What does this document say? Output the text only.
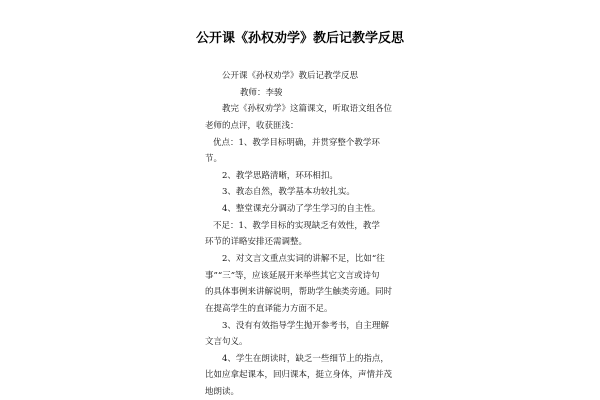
公开课《孙权劝学》教后记教学反思
公开课《孙权劝学》教后记教学反思
教师：李骏
教完《孙权劝学》这篇课文，听取语文组各位
老师的点评，收获匪浅：
优点：1、教学目标明确，并贯穿整个教学环
节。
2、教学思路清晰，环环相扣。
3、教态自然，教学基本功较扎实。
4、整堂课充分调动了学生学习的自主性。
不足：1、教学目标的实现缺乏有效性，教学
环节的详略安排还需调整。
2、对文言文重点实词的讲解不足，比如“往
事”“三”等，应该延展开来举些其它文言或诗句
的具体事例来讲解说明，帮助学生触类旁通。同时
在提高学生的直译能力方面不足。
3、没有有效指导学生抛开参考书，自主理解
文言句义。
4、学生在朗读时，缺乏一些细节上的指点，
比如应拿起课本，回归课本，挺立身体，声情并茂
地朗读。
